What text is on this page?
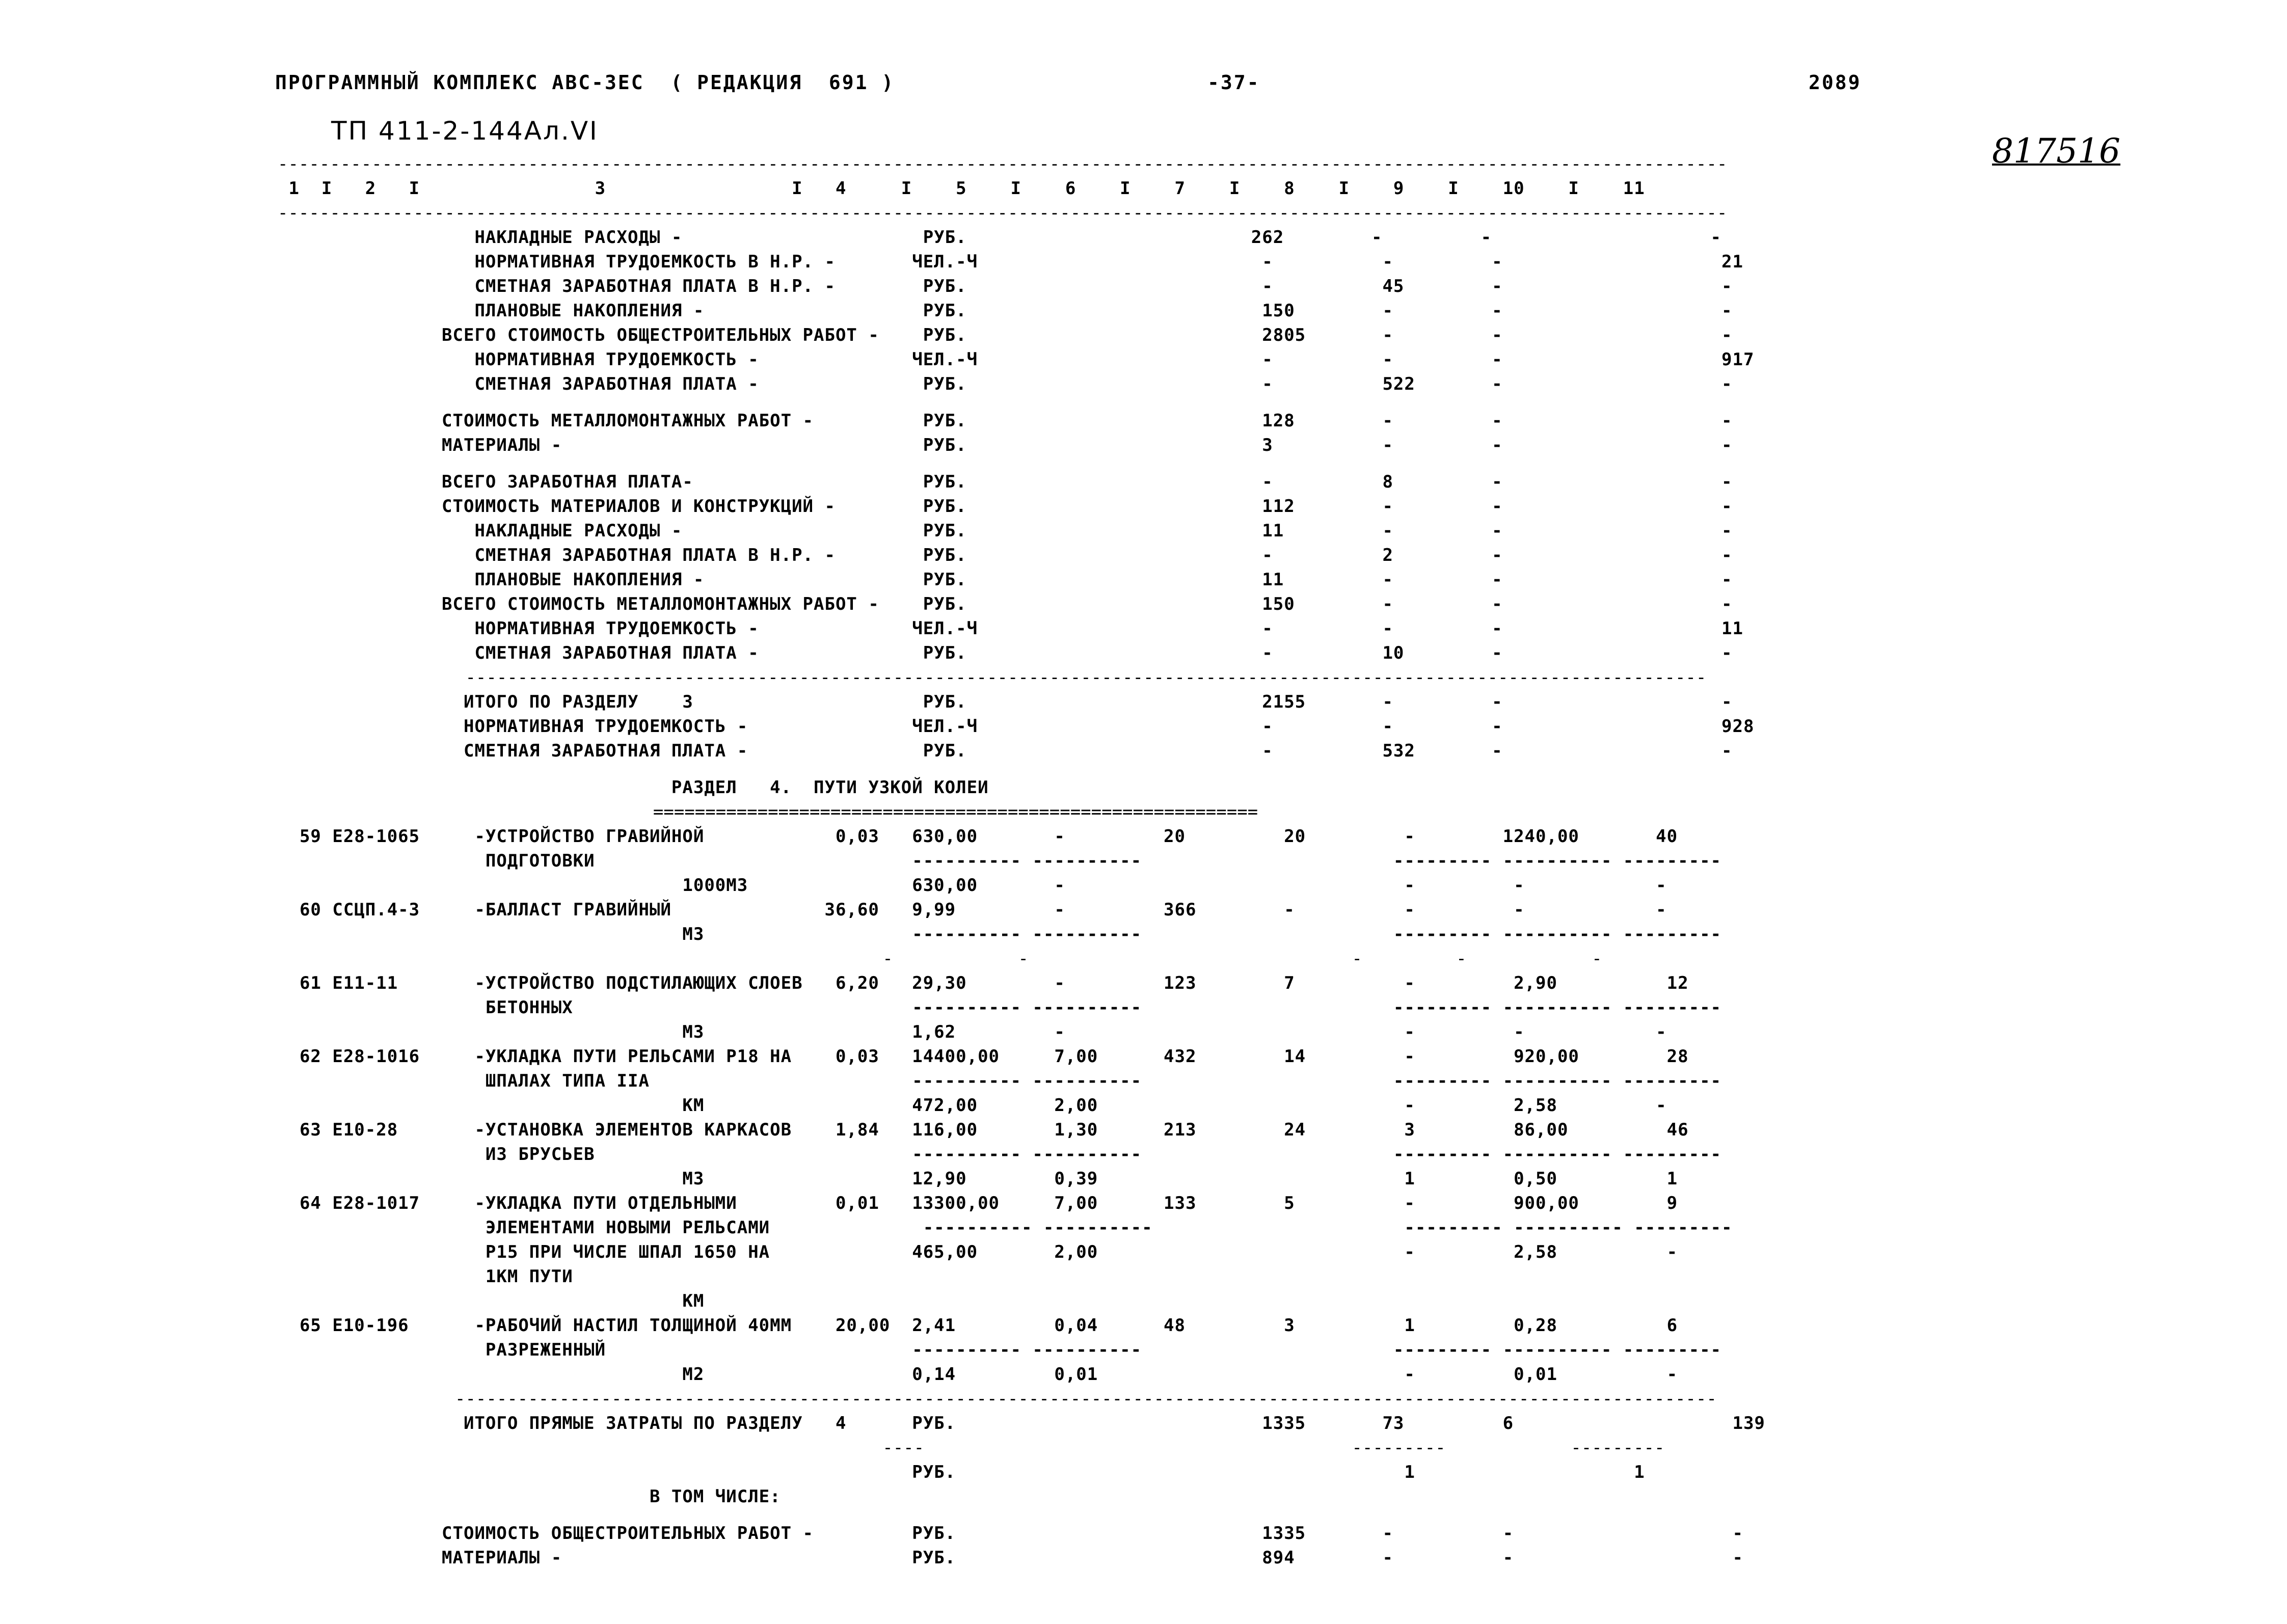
ПРОГРАММНЫЙ КОМПЛЕКС АВС-ЗЕС  ( РЕДАКЦИЯ  691 )	-37-	2089
ТП 411-2-144Ал.VI
817516
-------------------------------------------------------------------------------------------------------------------------------------------
1  I   2   I                3                 I   4     I    5    I    6    I    7    I    8    I    9    I    10    I    11
-------------------------------------------------------------------------------------------------------------------------------------------
НАКЛАДНЫЕ РАСХОДЫ -                      РУБ.                          262        -         -                    -
НОРМАТИВНАЯ ТРУДОЕМКОСТЬ В Н.Р. -       ЧЕЛ.-Ч                          -          -         -                    21
СМЕТНАЯ ЗАРАБОТНАЯ ПЛАТА В Н.Р. -        РУБ.                           -          45        -                    -
ПЛАНОВЫЕ НАКОПЛЕНИЯ -                    РУБ.                           150        -         -                    -
ВСЕГО СТОИМОСТЬ ОБЩЕСТРОИТЕЛЬНЫХ РАБОТ -    РУБ.                           2805       -         -                    -
НОРМАТИВНАЯ ТРУДОЕМКОСТЬ -              ЧЕЛ.-Ч                          -          -         -                    917
СМЕТНАЯ ЗАРАБОТНАЯ ПЛАТА -               РУБ.                           -          522       -                    -
СТОИМОСТЬ МЕТАЛЛОМОНТАЖНЫХ РАБОТ -          РУБ.                           128        -         -                    -
МАТЕРИАЛЫ -                                 РУБ.                           3          -         -                    -
ВСЕГО ЗАРАБОТНАЯ ПЛАТА-                     РУБ.                           -          8         -                    -
СТОИМОСТЬ МАТЕРИАЛОВ И КОНСТРУКЦИЙ -        РУБ.                           112        -         -                    -
НАКЛАДНЫЕ РАСХОДЫ -                      РУБ.                           11         -         -                    -
СМЕТНАЯ ЗАРАБОТНАЯ ПЛАТА В Н.Р. -        РУБ.                           -          2         -                    -
ПЛАНОВЫЕ НАКОПЛЕНИЯ -                    РУБ.                           11         -         -                    -
ВСЕГО СТОИМОСТЬ МЕТАЛЛОМОНТАЖНЫХ РАБОТ -    РУБ.                           150        -         -                    -
НОРМАТИВНАЯ ТРУДОЕМКОСТЬ -              ЧЕЛ.-Ч                          -          -         -                    11
СМЕТНАЯ ЗАРАБОТНАЯ ПЛАТА -               РУБ.                           -          10        -                    -
-----------------------------------------------------------------------------------------------------------------------
ИТОГО ПО РАЗДЕЛУ    3                     РУБ.                           2155       -         -                    -
НОРМАТИВНАЯ ТРУДОЕМКОСТЬ -               ЧЕЛ.-Ч                          -          -         -                    928
СМЕТНАЯ ЗАРАБОТНАЯ ПЛАТА -                РУБ.                           -          532       -                    -
РАЗДЕЛ   4.  ПУТИ УЗКОЙ КОЛЕИ
==========================================================
59 Е28-1065     -УСТРОЙСТВО ГРАВИЙНОЙ            0,03   630,00       -         20         20         -        1240,00       40
ПОДГОТОВКИ                             ---------- ----------                       --------- ---------- ---------
1000М3               630,00       -                               -         -            -
60 ССЦП.4-3     -БАЛЛАСТ ГРАВИЙНЫЙ              36,60   9,99         -         366        -          -         -            -
М3                   ---------- ----------                       --------- ---------- ---------
-            -                               -         -            -
61 Е11-11       -УСТРОЙСТВО ПОДСТИЛАЮЩИХ СЛОЕВ   6,20   29,30        -         123        7          -         2,90          12
БЕТОННЫХ                               ---------- ----------                       --------- ---------- ---------
М3                   1,62         -                               -         -            -
62 Е28-1016     -УКЛАДКА ПУТИ РЕЛЬСАМИ Р18 НА    0,03   14400,00     7,00      432        14         -         920,00        28
ШПАЛАХ ТИПА IIА                        ---------- ----------                       --------- ---------- ---------
КМ                   472,00       2,00                            -         2,58         -
63 Е10-28       -УСТАНОВКА ЭЛЕМЕНТОВ КАРКАСОВ    1,84   116,00       1,30      213        24         3         86,00         46
ИЗ БРУСЬЕВ                             ---------- ----------                       --------- ---------- ---------
М3                   12,90        0,39                            1         0,50          1
64 Е28-1017     -УКЛАДКА ПУТИ ОТДЕЛЬНЫМИ         0,01   13300,00     7,00      133        5          -         900,00        9
ЭЛЕМЕНТАМИ НОВЫМИ РЕЛЬСАМИ              ---------- ----------                       --------- ---------- ---------
Р15 ПРИ ЧИСЛЕ ШПАЛ 1650 НА             465,00       2,00                            -         2,58          -
1КМ ПУТИ
КМ
65 Е10-196      -РАБОЧИЙ НАСТИЛ ТОЛЩИНОЙ 40ММ    20,00  2,41         0,04      48         3          1         0,28          6
РАЗРЕЖЕННЫЙ                            ---------- ----------                       --------- ---------- ---------
М2                   0,14         0,01                            -         0,01          -
-------------------------------------------------------------------------------------------------------------------------
ИТОГО ПРЯМЫЕ ЗАТРАТЫ ПО РАЗДЕЛУ   4      РУБ.                            1335       73         6                    139
----                                         ---------            ---------
РУБ.                                         1                    1
В ТОМ ЧИСЛЕ:
СТОИМОСТЬ ОБЩЕСТРОИТЕЛЬНЫХ РАБОТ -         РУБ.                            1335       -          -                    -
МАТЕРИАЛЫ -                                РУБ.                            894        -          -                    -
